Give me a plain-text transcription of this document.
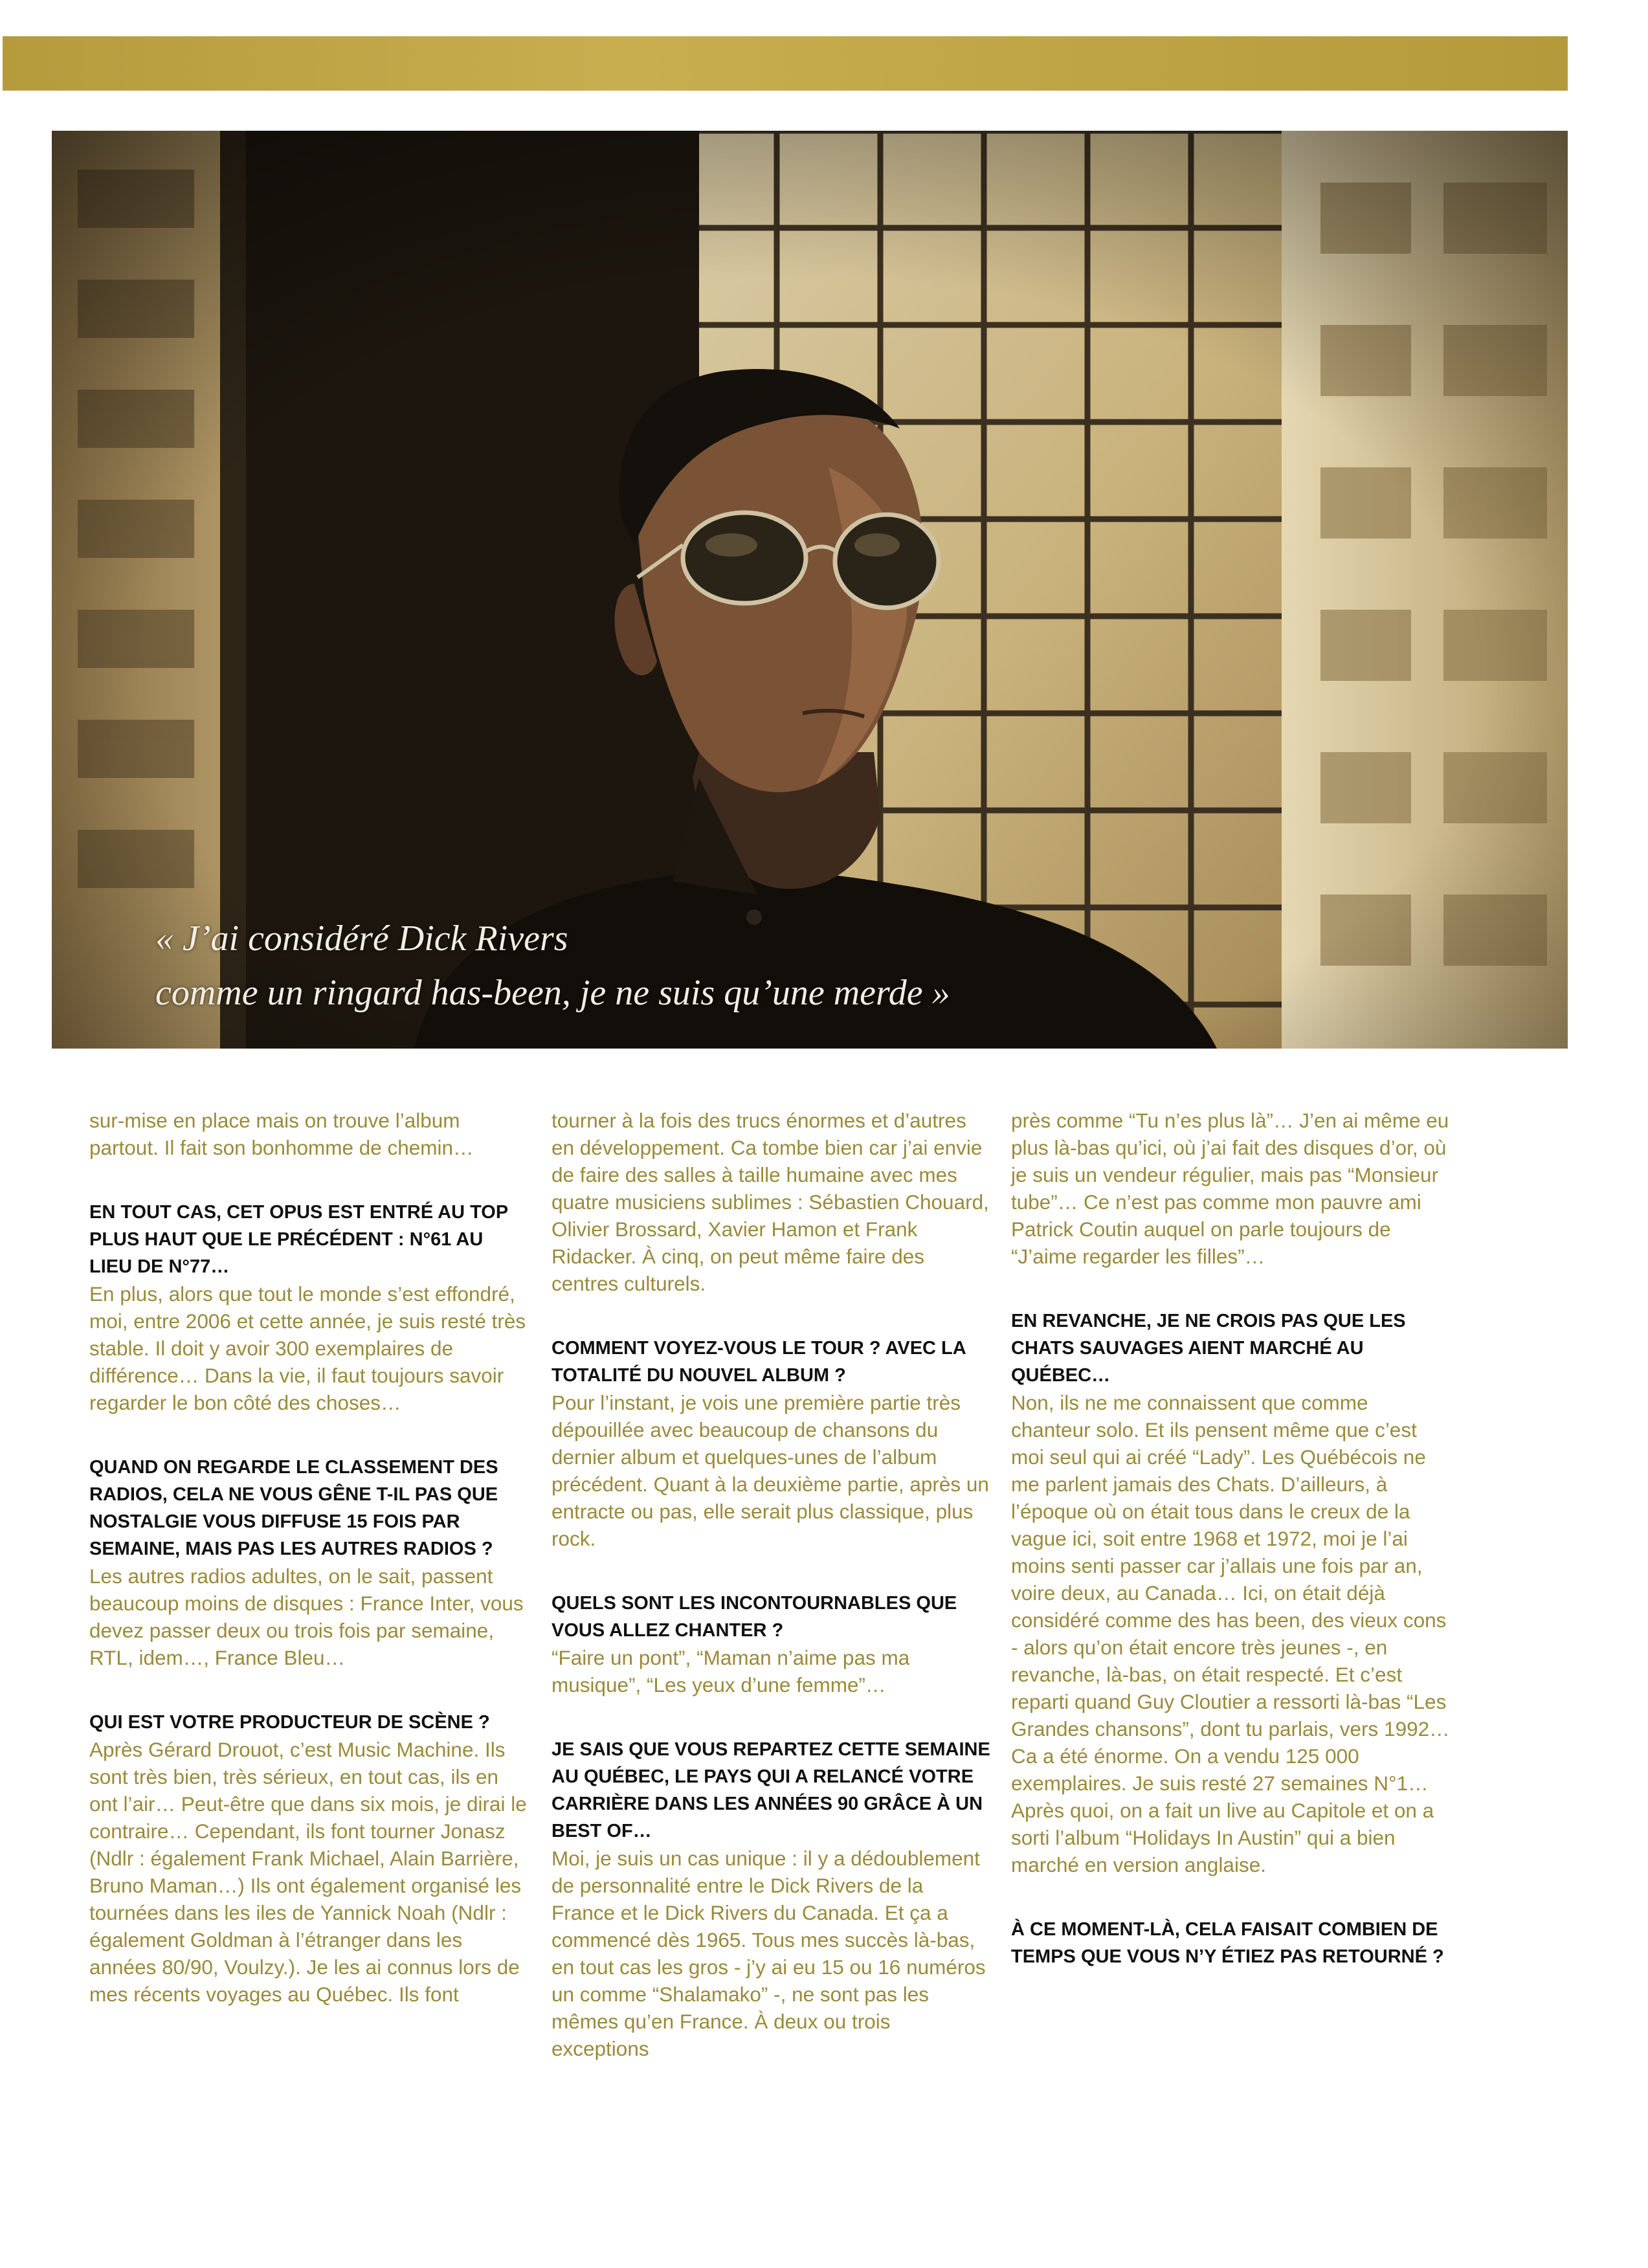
« J’ai considéré Dick Rivers
comme un ringard has-been, je ne suis qu’une merde »

sur-mise en place mais on trouve l’album partout. Il fait son bonhomme de chemin…

EN TOUT CAS, CET OPUS EST ENTRÉ AU TOP PLUS HAUT QUE LE PRÉCÉDENT : N°61 AU LIEU DE N°77…

En plus, alors que tout le monde s’est effondré, moi, entre 2006 et cette année, je suis resté très stable. Il doit y avoir 300 exemplaires de différence… Dans la vie, il faut toujours savoir regarder le bon côté des choses…

QUAND ON REGARDE LE CLASSEMENT DES RADIOS, CELA NE VOUS GÊNE T-IL PAS QUE NOSTALGIE VOUS DIFFUSE 15 FOIS PAR SEMAINE, MAIS PAS LES AUTRES RADIOS ?

Les autres radios adultes, on le sait, passent beaucoup moins de disques : France Inter, vous devez passer deux ou trois fois par semaine, RTL, idem…, France Bleu…

QUI EST VOTRE PRODUCTEUR DE SCÈNE ?

Après Gérard Drouot, c’est Music Machine. Ils sont très bien, très sérieux, en tout cas, ils en ont l’air… Peut-être que dans six mois, je dirai le contraire… Cependant, ils font tourner Jonasz (Ndlr : également Frank Michael, Alain Barrière, Bruno Maman…) Ils ont également organisé les tournées dans les iles de Yannick Noah (Ndlr : également Goldman à l’étranger dans les années 80/90, Voulzy.). Je les ai connus lors de mes récents voyages au Québec. Ils font

tourner à la fois des trucs énormes et d’autres en développement. Ca tombe bien car j’ai envie de faire des salles à taille humaine avec mes quatre musiciens sublimes : Sébastien Chouard, Olivier Brossard, Xavier Hamon et Frank Ridacker. À cinq, on peut même faire des centres culturels.

COMMENT VOYEZ-VOUS LE TOUR ? AVEC LA TOTALITÉ DU NOUVEL ALBUM ?

Pour l’instant, je vois une première partie très dépouillée avec beaucoup de chansons du dernier album et quelques-unes de l’album précédent. Quant à la deuxième partie, après un entracte ou pas, elle serait plus classique, plus rock.

QUELS SONT LES INCONTOURNABLES QUE VOUS ALLEZ CHANTER ?

“Faire un pont”, “Maman n’aime pas ma musique”, “Les yeux d’une femme”…

JE SAIS QUE VOUS REPARTEZ CETTE SEMAINE AU QUÉBEC, LE PAYS QUI A RELANCÉ VOTRE CARRIÈRE DANS LES ANNÉES 90 GRÂCE À UN BEST OF…

Moi, je suis un cas unique : il y a dédoublement de personnalité entre le Dick Rivers de la France et le Dick Rivers du Canada. Et ça a commencé dès 1965. Tous mes succès là-bas, en tout cas les gros - j’y ai eu 15 ou 16 numéros un comme “Shalamako” -, ne sont pas les mêmes qu’en France. À deux ou trois exceptions

près comme “Tu n’es plus là”… J’en ai même eu plus là-bas qu’ici, où j’ai fait des disques d’or, où je suis un vendeur régulier, mais pas “Monsieur tube”… Ce n’est pas comme mon pauvre ami Patrick Coutin auquel on parle toujours de “J’aime regarder les filles”…

EN REVANCHE, JE NE CROIS PAS QUE LES CHATS SAUVAGES AIENT MARCHÉ AU QUÉBEC…

Non, ils ne me connaissent que comme chanteur solo. Et ils pensent même que c’est moi seul qui ai créé “Lady”. Les Québécois ne me parlent jamais des Chats. D’ailleurs, à l’époque où on était tous dans le creux de la vague ici, soit entre 1968 et 1972, moi je l’ai moins senti passer car j’allais une fois par an, voire deux, au Canada… Ici, on était déjà considéré comme des has been, des vieux cons - alors qu’on était encore très jeunes -, en revanche, là-bas, on était respecté. Et c’est reparti quand Guy Cloutier a ressorti là-bas “Les Grandes chansons”, dont tu parlais, vers 1992… Ca a été énorme. On a vendu 125 000 exemplaires. Je suis resté 27 semaines N°1… Après quoi, on a fait un live au Capitole et on a sorti l’album “Holidays In Austin” qui a bien marché en version anglaise.

À CE MOMENT-LÀ, CELA FAISAIT COMBIEN DE TEMPS QUE VOUS N’Y ÉTIEZ PAS RETOURNÉ ?
